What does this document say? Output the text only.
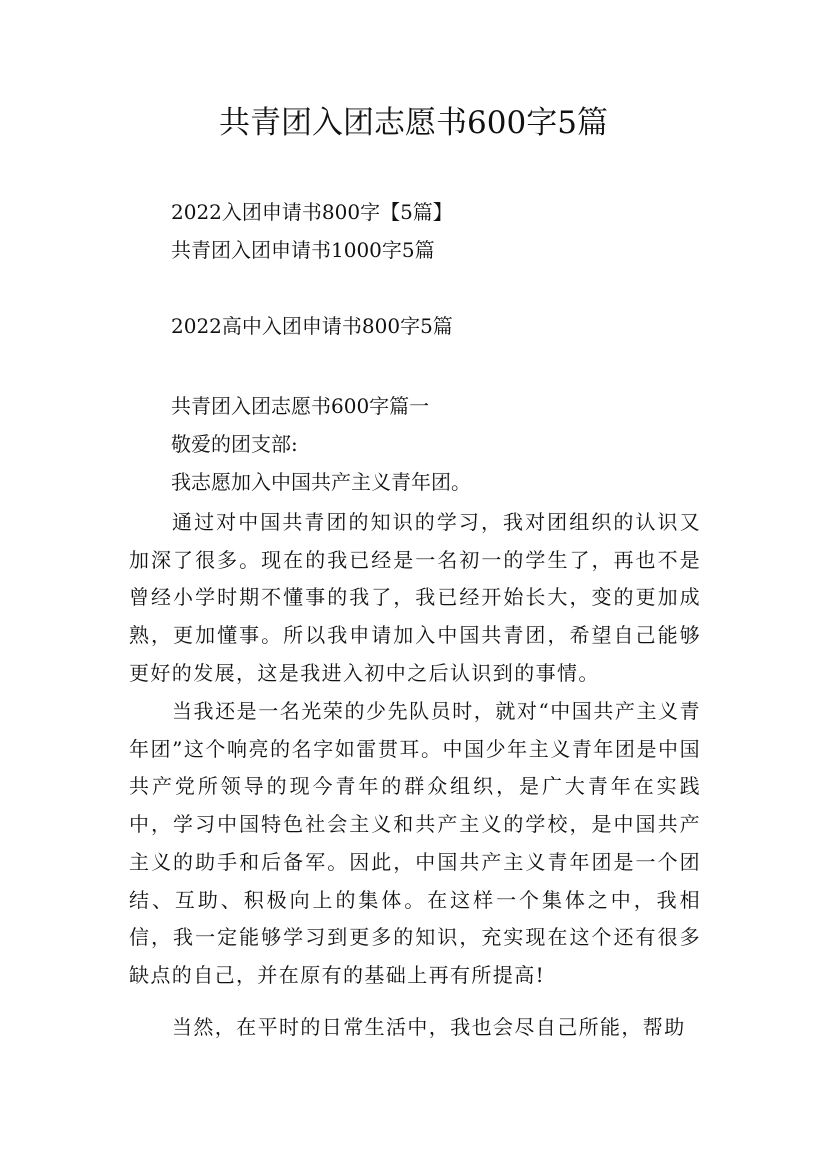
共青团入团志愿书600字5篇
2022入团申请书800字【5篇】
共青团入团申请书1000字5篇
2022高中入团申请书800字5篇
共青团入团志愿书600字篇一
敬爱的团支部:
我志愿加入中国共产主义青年团。

通过对中国共青团的知识的学习，我对团组织的认识又加深了很多。现在的我已经是一名初一的学生了，再也不是曾经小学时期不懂事的我了，我已经开始长大，变的更加成熟，更加懂事。所以我申请加入中国共青团，希望自己能够更好的发展，这是我进入初中之后认识到的事情。

当我还是一名光荣的少先队员时，就对“中国共产主义青年团”这个响亮的名字如雷贯耳。中国少年主义青年团是中国共产党所领导的现今青年的群众组织，是广大青年在实践中，学习中国特色社会主义和共产主义的学校，是中国共产主义的助手和后备军。因此，中国共产主义青年团是一个团结、互助、积极向上的集体。在这样一个集体之中，我相信，我一定能够学习到更多的知识，充实现在这个还有很多缺点的自己，并在原有的基础上再有所提高!

当然，在平时的日常生活中，我也会尽自己所能，帮助
